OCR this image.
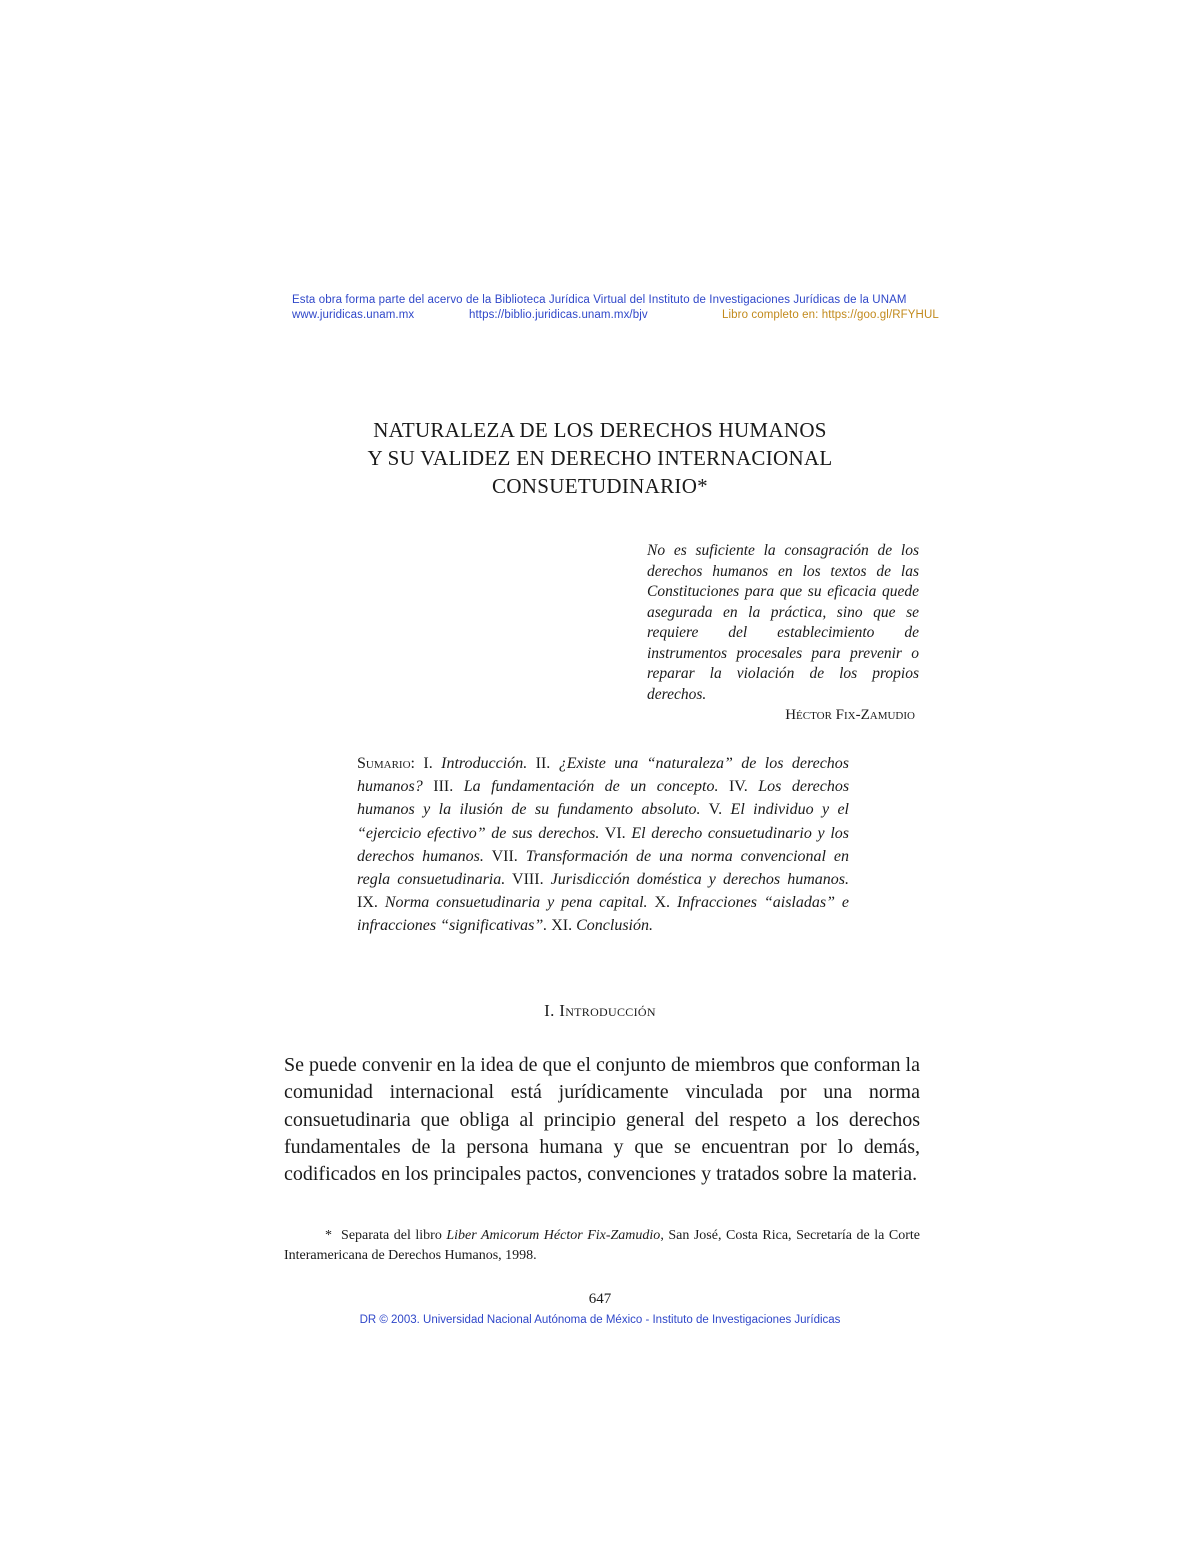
Esta obra forma parte del acervo de la Biblioteca Jurídica Virtual del Instituto de Investigaciones Jurídicas de la UNAM
www.juridicas.unam.mx	https://biblio.juridicas.unam.mx/bjv	Libro completo en: https://goo.gl/RFYHUL
NATURALEZA DE LOS DERECHOS HUMANOS
Y SU VALIDEZ EN DERECHO INTERNACIONAL
CONSUETUDINARIO*
No es suficiente la consagración de los derechos humanos en los textos de las Constituciones para que su eficacia quede asegurada en la práctica, sino que se requiere del establecimiento de instrumentos procesales para prevenir o reparar la violación de los propios derechos.
Héctor Fix-Zamudio
Sumario: I. Introducción. II. ¿Existe una “naturaleza” de los derechos humanos? III. La fundamentación de un concepto. IV. Los derechos humanos y la ilusión de su fundamento absoluto. V. El individuo y el “ejercicio efectivo” de sus derechos. VI. El derecho consuetudinario y los derechos humanos. VII. Transformación de una norma convencional en regla consuetudinaria. VIII. Jurisdicción doméstica y derechos humanos. IX. Norma consuetudinaria y pena capital. X. Infracciones “aisladas” e infracciones “significativas”. XI. Conclusión.
I. Introducción
Se puede convenir en la idea de que el conjunto de miembros que conforman la comunidad internacional está jurídicamente vinculada por una norma consuetudinaria que obliga al principio general del respeto a los derechos fundamentales de la persona humana y que se encuentran por lo demás, codificados en los principales pactos, convenciones y tratados sobre la materia.
* Separata del libro Liber Amicorum Héctor Fix-Zamudio, San José, Costa Rica, Secretaría de la Corte Interamericana de Derechos Humanos, 1998.
647
DR © 2003. Universidad Nacional Autónoma de México - Instituto de Investigaciones Jurídicas
